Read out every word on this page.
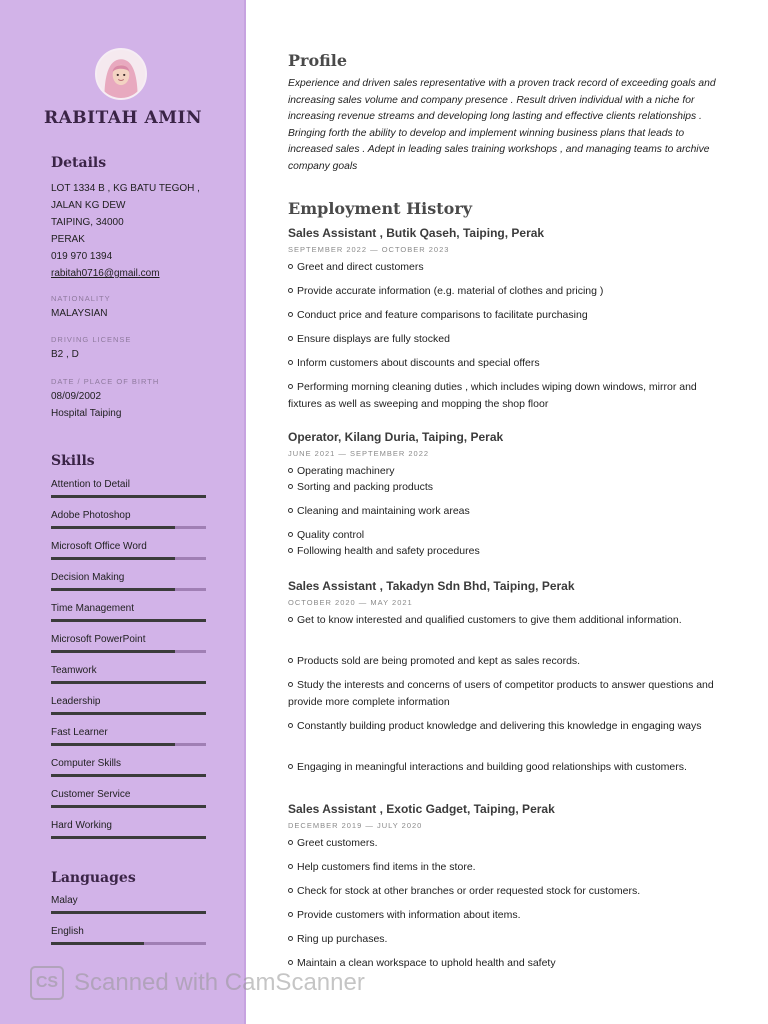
RABITAH AMIN
Details
LOT 1334 B , KG BATU TEGOH ,
JALAN KG DEW
TAIPING, 34000
PERAK
019 970 1394
rabitah0716@gmail.com
NATIONALITY
MALAYSIAN
DRIVING LICENSE
B2 , D
DATE / PLACE OF BIRTH
08/09/2002
Hospital Taiping
Skills
Attention to Detail
Adobe Photoshop
Microsoft Office Word
Decision Making
Time Management
Microsoft PowerPoint
Teamwork
Leadership
Fast Learner
Computer Skills
Customer Service
Hard Working
Languages
Malay
English
Profile
Experience and driven sales representative with a proven track record of exceeding goals and increasing sales volume and company presence . Result driven individual with a niche for increasing revenue streams and developing long lasting and effective clients relationships . Bringing forth the ability to develop and implement winning business plans that leads to increased sales . Adept in leading sales training workshops , and managing teams to archive company goals
Employment History
Sales Assistant , Butik Qaseh, Taiping, Perak
SEPTEMBER 2022 — OCTOBER 2023
Greet and direct customers
Provide accurate information (e.g. material of clothes and pricing )
Conduct price and feature comparisons to facilitate purchasing
Ensure displays are fully stocked
Inform customers about discounts and special offers
Performing morning cleaning duties , which includes wiping down windows, mirror and fixtures as well as sweeping and mopping the shop floor
Operator, Kilang Duria, Taiping, Perak
JUNE 2021 — SEPTEMBER 2022
Operating machinery
Sorting and packing products
Cleaning and maintaining work areas
Quality control
Following health and safety procedures
Sales Assistant , Takadyn Sdn Bhd, Taiping, Perak
OCTOBER 2020 — MAY 2021
Get to know interested and qualified customers to give them additional information.
Products sold are being promoted and kept as sales records.
Study the interests and concerns of users of competitor products to answer questions and provide more complete information
Constantly building product knowledge and delivering this knowledge in engaging ways
Engaging in meaningful interactions and building good relationships with customers.
Sales Assistant , Exotic Gadget, Taiping, Perak
DECEMBER 2019 — JULY 2020
Greet customers.
Help customers find items in the store.
Check for stock at other branches or order requested stock for customers.
Provide customers with information about items.
Ring up purchases.
Maintain a clean workspace to uphold health and safety
CS Scanned with CamScanner
